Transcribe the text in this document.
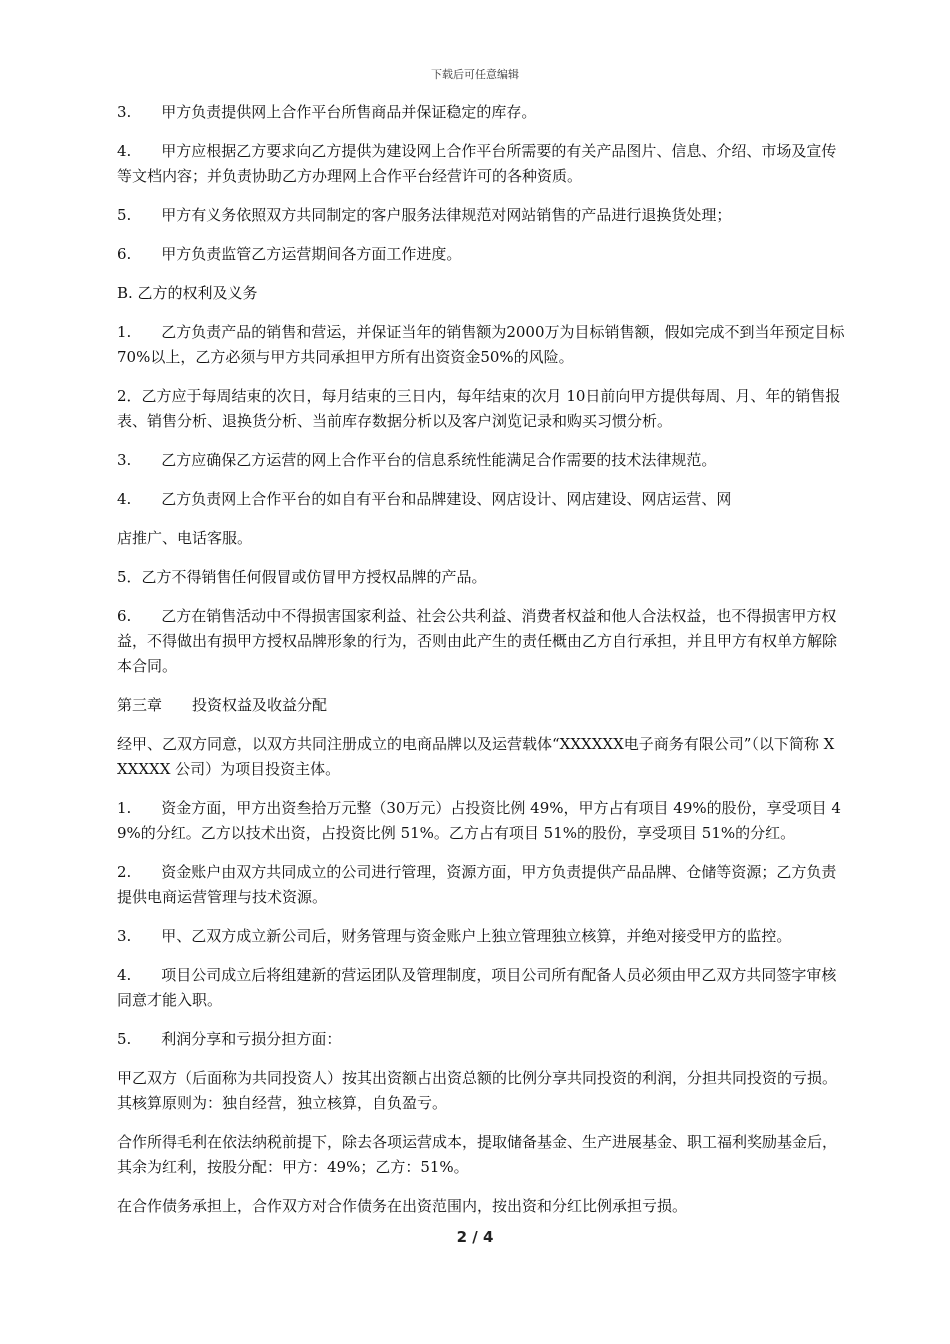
下载后可任意编辑

3.　　甲方负责提供网上合作平台所售商品并保证稳定的库存。

4.　　甲方应根据乙方要求向乙方提供为建设网上合作平台所需要的有关产品图片、信息、介绍、市场及宣传等文档内容；并负责协助乙方办理网上合作平台经营许可的各种资质。

5.　　甲方有义务依照双方共同制定的客户服务法律规范对网站销售的产品进行退换货处理；

6.　　甲方负责监管乙方运营期间各方面工作进度。

B. 乙方的权利及义务

1.　　乙方负责产品的销售和营运，并保证当年的销售额为2000万为目标销售额，假如完成不到当年预定目标70%以上，乙方必须与甲方共同承担甲方所有出资资金50%的风险。

2．乙方应于每周结束的次日，每月结束的三日内，每年结束的次月 10日前向甲方提供每周、月、年的销售报表、销售分析、退换货分析、当前库存数据分析以及客户浏览记录和购买习惯分析。

3.　　乙方应确保乙方运营的网上合作平台的信息系统性能满足合作需要的技术法律规范。

4.　　乙方负责网上合作平台的如自有平台和品牌建设、网店设计、网店建设、网店运营、网

店推广、电话客服。

5．乙方不得销售任何假冒或仿冒甲方授权品牌的产品。

6.　　乙方在销售活动中不得损害国家利益、社会公共利益、消费者权益和他人合法权益，也不得损害甲方权益，不得做出有损甲方授权品牌形象的行为，否则由此产生的责任概由乙方自行承担，并且甲方有权单方解除本合同。

第三章　　投资权益及收益分配

经甲、乙双方同意，以双方共同注册成立的电商品牌以及运营载体“XXXXXX电子商务有限公司”（以下简称 XXXXXX 公司）为项目投资主体。

1.　　资金方面，甲方出资叁拾万元整（30万元）占投资比例 49%，甲方占有项目 49%的股份，享受项目 49%的分红。乙方以技术出资，占投资比例 51%。乙方占有项目 51%的股份，享受项目 51%的分红。

2.　　资金账户由双方共同成立的公司进行管理，资源方面，甲方负责提供产品品牌、仓储等资源；乙方负责提供电商运营管理与技术资源。

3.　　甲、乙双方成立新公司后，财务管理与资金账户上独立管理独立核算，并绝对接受甲方的监控。

4.　　项目公司成立后将组建新的营运团队及管理制度，项目公司所有配备人员必须由甲乙双方共同签字审核同意才能入职。

5.　　利润分享和亏损分担方面：

甲乙双方（后面称为共同投资人）按其出资额占出资总额的比例分享共同投资的利润，分担共同投资的亏损。其核算原则为：独自经营，独立核算，自负盈亏。

合作所得毛利在依法纳税前提下，除去各项运营成本，提取储备基金、生产进展基金、职工福利奖励基金后，其余为红利，按股分配：甲方：49%；乙方：51%。

在合作债务承担上，合作双方对合作债务在出资范围内，按出资和分红比例承担亏损。

2 / 4
